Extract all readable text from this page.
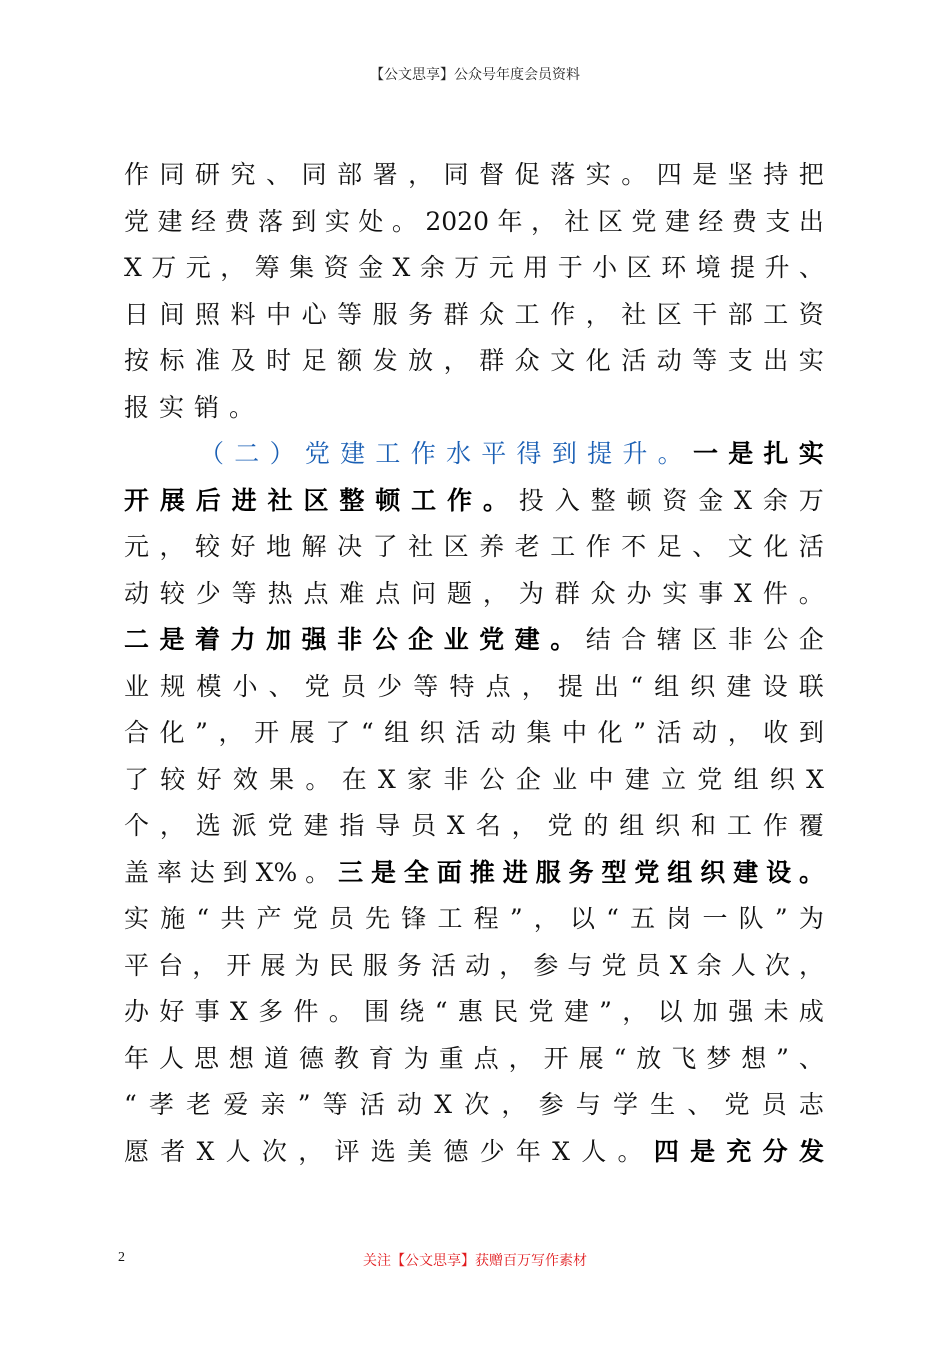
【公文思享】公众号年度会员资料
作 同 研 究 、 同 部 署 ， 同 督 促 落 实 。 四 是 坚 持 把
党 建 经 费 落 到 实 处 。 2020 年 ， 社 区 党 建 经 费 支 出
X 万 元 ， 筹 集 资 金 X 余 万 元 用 于 小 区 环 境 提 升 、
日 间 照 料 中 心 等 服 务 群 众 工 作 ， 社 区 干 部 工 资
按 标 准 及 时 足 额 发 放 ， 群 众 文 化 活 动 等 支 出 实
报 实 销 。
（ 二 ） 党 建 工 作 水 平 得 到 提 升 。 一 是 扎 实
开 展 后 进 社 区 整 顿 工 作 。 投 入 整 顿 资 金 X 余 万
元 ， 较 好 地 解 决 了 社 区 养 老 工 作 不 足 、 文 化 活
动 较 少 等 热 点 难 点 问 题 ， 为 群 众 办 实 事 X 件 。
二 是 着 力 加 强 非 公 企 业 党 建 。 结 合 辖 区 非 公 企
业 规 模 小 、 党 员 少 等 特 点 ， 提 出 “ 组 织 建 设 联
合 化 ” ， 开 展 了 “ 组 织 活 动 集 中 化 ” 活 动 ， 收 到
了 较 好 效 果 。 在 X 家 非 公 企 业 中 建 立 党 组 织 X
个 ， 选 派 党 建 指 导 员 X 名 ， 党 的 组 织 和 工 作 覆
盖 率 达 到 X% 。 三 是 全 面 推 进 服 务 型 党 组 织 建 设 。
实 施 “ 共 产 党 员 先 锋 工 程 ” ， 以 “ 五 岗 一 队 ” 为
平 台 ， 开 展 为 民 服 务 活 动 ， 参 与 党 员 X 余 人 次 ，
办 好 事 X 多 件 。 围 绕 “ 惠 民 党 建 ” ， 以 加 强 未 成
年 人 思 想 道 德 教 育 为 重 点 ， 开 展 “ 放 飞 梦 想 ” 、
“ 孝 老 爱 亲 ” 等 活 动 X 次 ， 参 与 学 生 、 党 员 志
愿 者 X 人 次 ， 评 选 美 德 少 年 X 人 。 四 是 充 分 发
2	关注【公文思享】获赠百万写作素材
